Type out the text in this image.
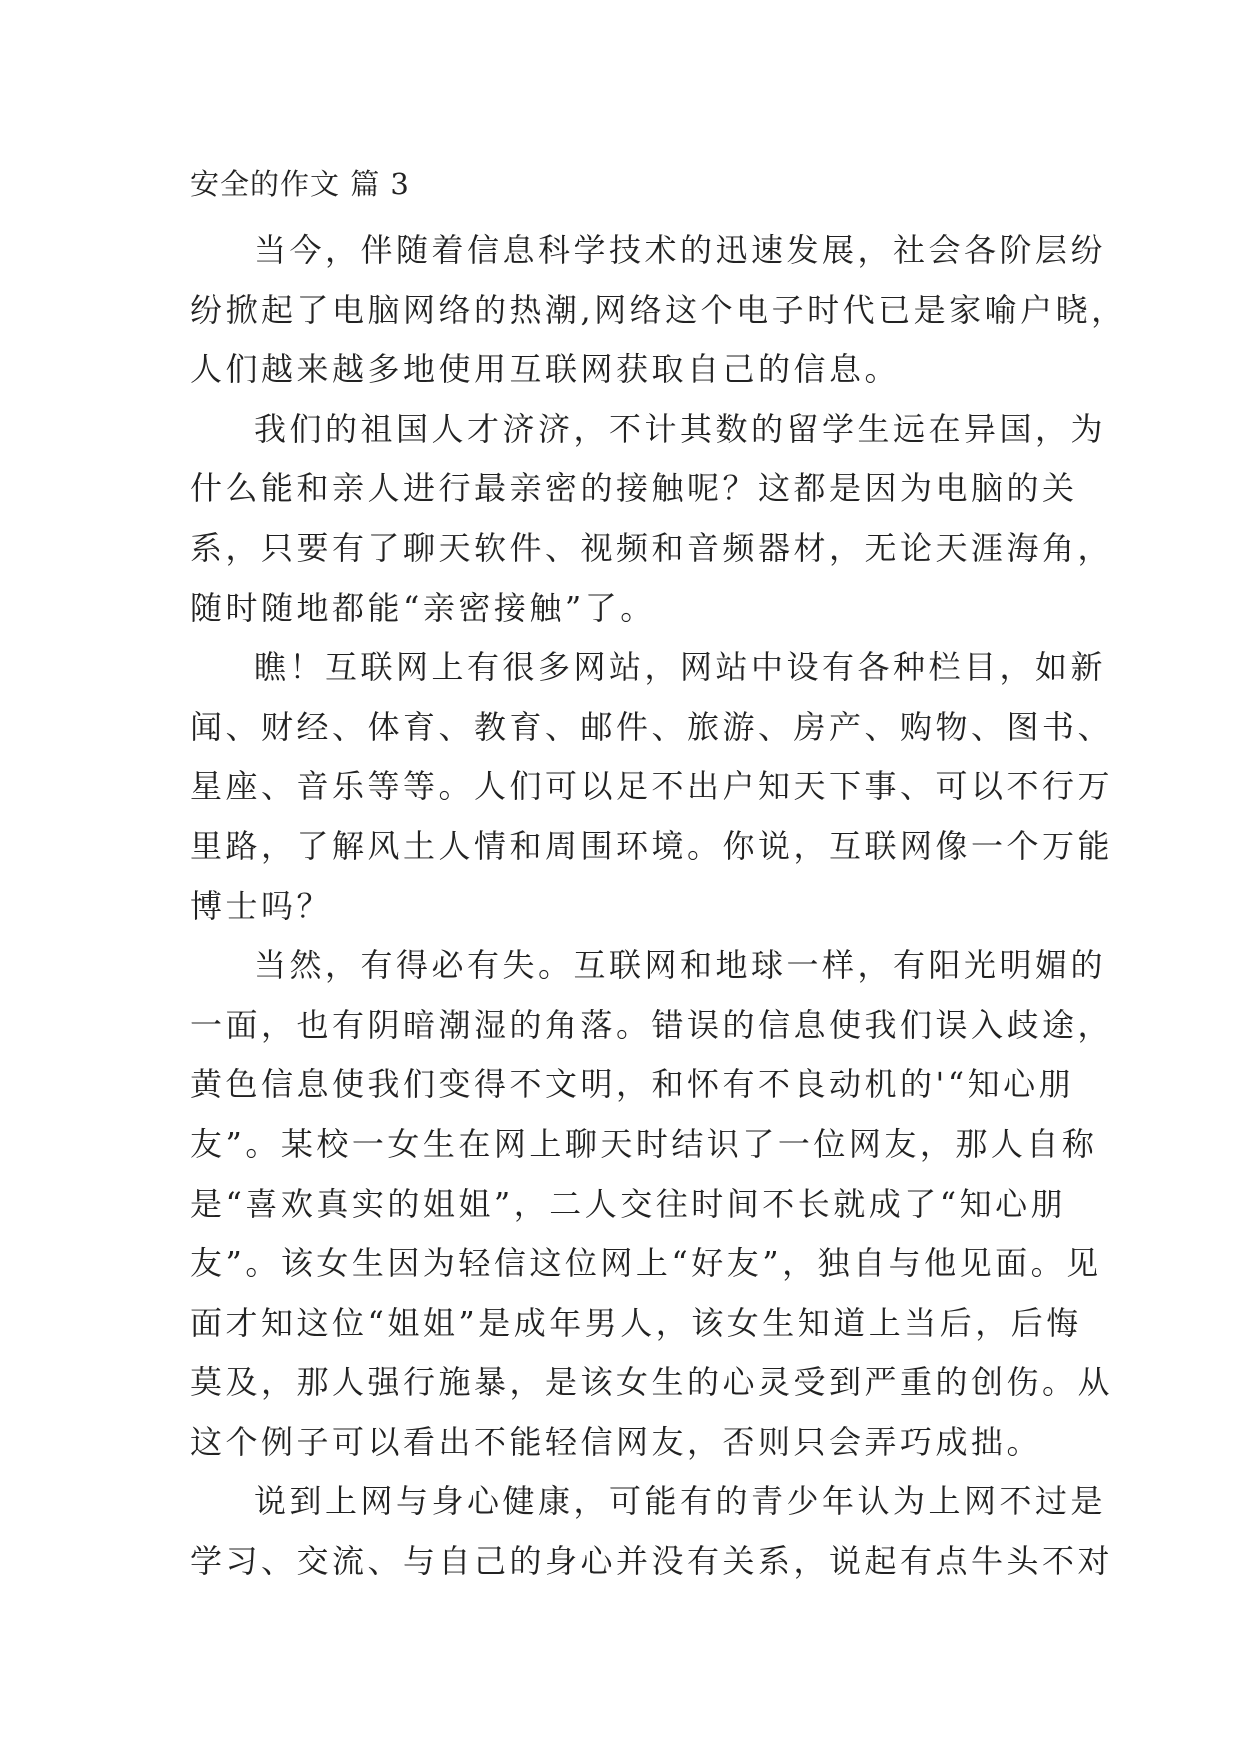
安全的作文 篇 3
当今，伴随着信息科学技术的迅速发展，社会各阶层纷
纷掀起了电脑网络的热潮,网络这个电子时代已是家喻户晓，
人们越来越多地使用互联网获取自己的信息。
我们的祖国人才济济，不计其数的留学生远在异国，为
什么能和亲人进行最亲密的接触呢？这都是因为电脑的关
系，只要有了聊天软件、视频和音频器材，无论天涯海角，
随时随地都能“亲密接触”了。
瞧！互联网上有很多网站，网站中设有各种栏目，如新
闻、财经、体育、教育、邮件、旅游、房产、购物、图书、
星座、音乐等等。人们可以足不出户知天下事、可以不行万
里路，了解风土人情和周围环境。你说，互联网像一个万能
博士吗？
当然，有得必有失。互联网和地球一样，有阳光明媚的
一面，也有阴暗潮湿的角落。错误的信息使我们误入歧途，
黄色信息使我们变得不文明，和怀有不良动机的'“知心朋
友”。某校一女生在网上聊天时结识了一位网友，那人自称
是“喜欢真实的姐姐”，二人交往时间不长就成了“知心朋
友”。该女生因为轻信这位网上“好友”，独自与他见面。见
面才知这位“姐姐”是成年男人，该女生知道上当后，后悔
莫及，那人强行施暴，是该女生的心灵受到严重的创伤。从
这个例子可以看出不能轻信网友，否则只会弄巧成拙。
说到上网与身心健康，可能有的青少年认为上网不过是
学习、交流、与自己的身心并没有关系，说起有点牛头不对
